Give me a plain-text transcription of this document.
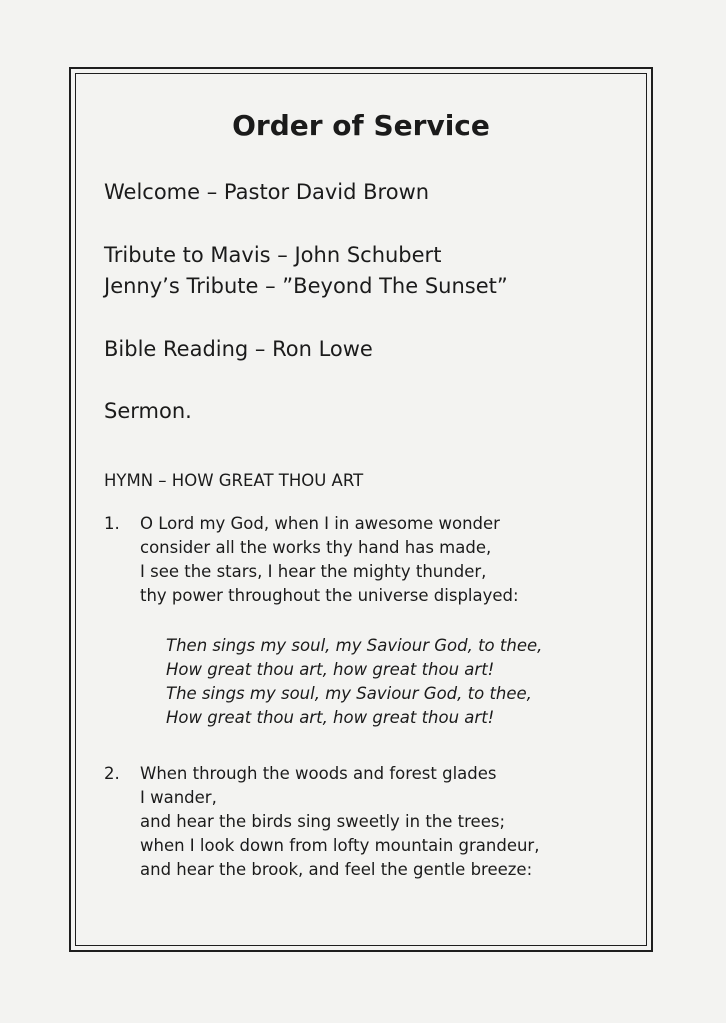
Order of Service
Welcome – Pastor David Brown
Tribute to Mavis – John Schubert
Jenny’s Tribute – ”Beyond The Sunset”
Bible Reading – Ron Lowe
Sermon.
HYMN – HOW GREAT THOU ART
1. O Lord my God, when I in awesome wonder
consider all the works thy hand has made,
I see the stars, I hear the mighty thunder,
thy power throughout the universe displayed:
Then sings my soul, my Saviour God, to thee,
How great thou art, how great thou art!
The sings my soul, my Saviour God, to thee,
How great thou art, how great thou art!
2. When through the woods and forest glades
I wander,
and hear the birds sing sweetly in the trees;
when I look down from lofty mountain grandeur,
and hear the brook, and feel the gentle breeze:
